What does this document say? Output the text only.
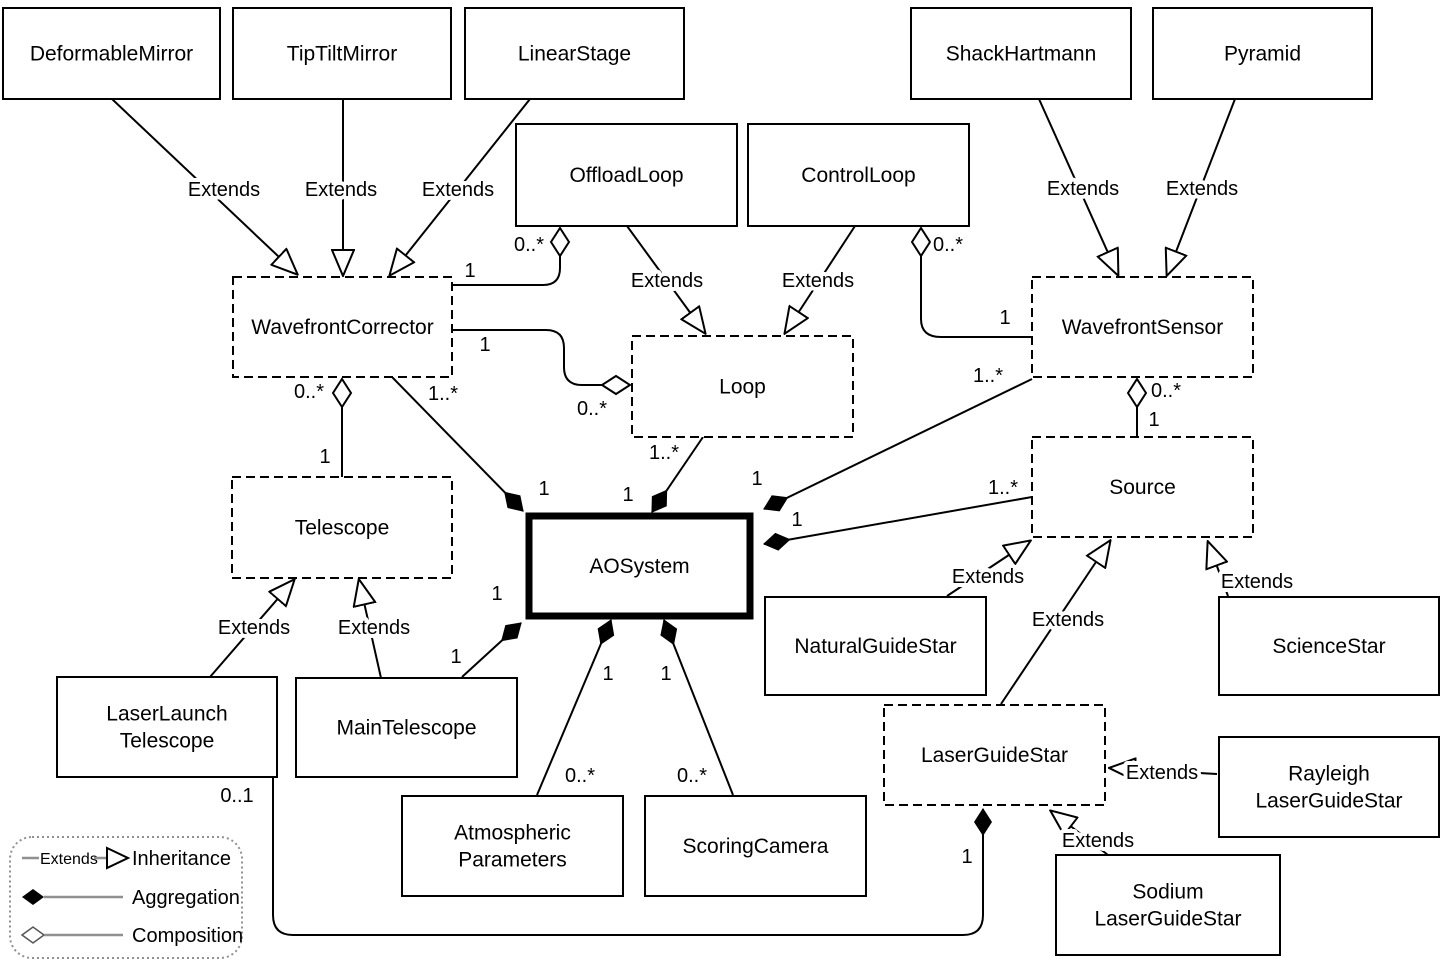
DeformableMirror	TipTiltMirror	LinearStage	ShackHartmann	Pyramid
OffloadLoop	ControlLoop
WavefrontCorrector	WavefrontSensor
Loop
Source
Telescope
AOSystem
NaturalGuideStar	ScienceStar
LaserLaunch Telescope
MainTelescope
Atmospheric Parameters
ScoringCamera
LaserGuideStar
Rayleigh LaserGuideStar
Sodium LaserGuideStar
Extends Extends Extends	Extends Extends
Extends	Extends
Extends Extends
Extends
Extends
Extends
Extends
Extends
1..*
1
1..*
1
1..*
1	1..*
1
1
1
1
0..*
1
0..*
0..1
1
1
0..*
1
0..*
1
0..*
1
0..*	1
0..*
Extends Inheritance
Aggregation
Composition
